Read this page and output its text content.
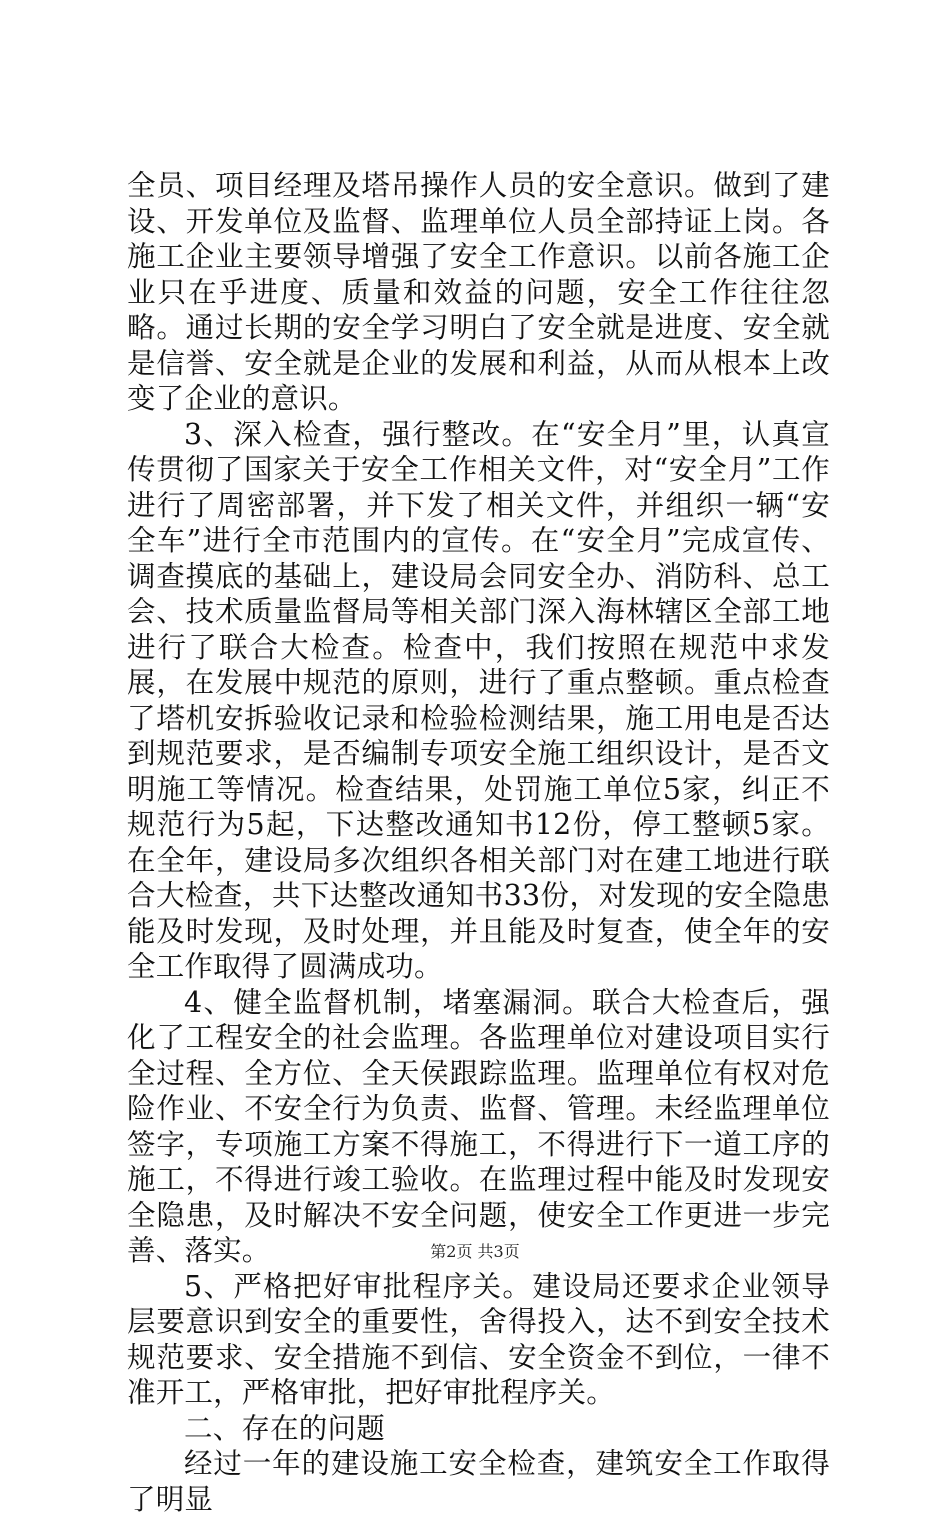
全员、项目经理及塔吊操作人员的安全意识。做到了建设、开发单位及监督、监理单位人员全部持证上岗。各施工企业主要领导增强了安全工作意识。以前各施工企业只在乎进度、质量和效益的问题，安全工作往往忽略。通过长期的安全学习明白了安全就是进度、安全就是信誉、安全就是企业的发展和利益，从而从根本上改变了企业的意识。

3、深入检查，强行整改。在“安全月”里，认真宣传贯彻了国家关于安全工作相关文件，对“安全月”工作进行了周密部署，并下发了相关文件，并组织一辆“安全车”进行全市范围内的宣传。在“安全月”完成宣传、调查摸底的基础上，建设局会同安全办、消防科、总工会、技术质量监督局等相关部门深入海林辖区全部工地进行了联合大检查。检查中，我们按照在规范中求发展，在发展中规范的原则，进行了重点整顿。重点检查了塔机安拆验收记录和检验检测结果，施工用电是否达到规范要求，是否编制专项安全施工组织设计，是否文明施工等情况。检查结果，处罚施工单位5家，纠正不规范行为5起，下达整改通知书12份，停工整顿5家。在全年，建设局多次组织各相关部门对在建工地进行联合大检查，共下达整改通知书33份，对发现的安全隐患能及时发现，及时处理，并且能及时复查，使全年的安全工作取得了圆满成功。

4、健全监督机制，堵塞漏洞。联合大检查后，强化了工程安全的社会监理。各监理单位对建设项目实行全过程、全方位、全天侯跟踪监理。监理单位有权对危险作业、不安全行为负责、监督、管理。未经监理单位签字，专项施工方案不得施工，不得进行下一道工序的施工，不得进行竣工验收。在监理过程中能及时发现安全隐患，及时解决不安全问题，使安全工作更进一步完善、落实。

5、严格把好审批程序关。建设局还要求企业领导层要意识到安全的重要性，舍得投入，达不到安全技术规范要求、安全措施不到信、安全资金不到位，一律不准开工，严格审批，把好审批程序关。

二、存在的问题

经过一年的建设施工安全检查，建筑安全工作取得了明显

第2页 共3页
